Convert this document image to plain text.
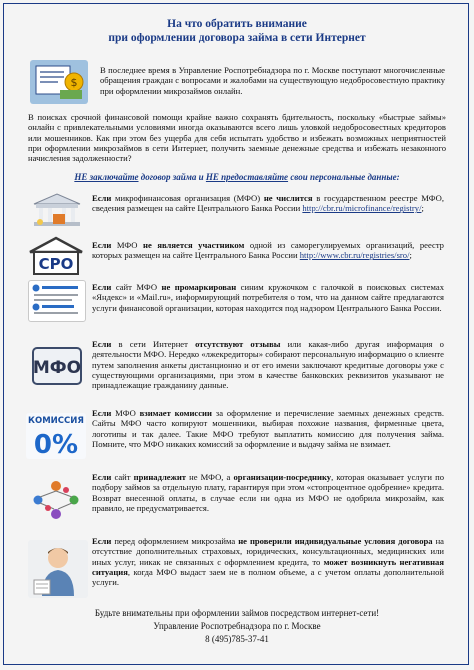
На что обратить внимание
при оформлении договора займа в сети Интернет
$
В последнее время в Управление Роспотребнадзора по г. Москве поступают многочисленные обращения граждан с вопросами и жалобами на существующую недобросовестную практику при оформлении микрозаймов онлайн.
В поисках срочной финансовой помощи крайне важно сохранять бдительность, поскольку «быстрые займы» онлайн с привлекательными условиями иногда оказываются всего лишь уловкой недобросовестных кредиторов или мошенников. Как при этом без ущерба для себя испытать удобство и избежать возможных неприятностей при оформлении микрозаймов в сети Интернет, получить заемные денежные средства и избежать незаконного начисления задолженности?
НЕ заключайте договор займа и НЕ предоставляйте свои персональные данные:
Если микрофинансовая организация (МФО) не числится в государственном реестре МФО, сведения размещен на сайте Центрального Банка России http://cbr.ru/microfinance/registry/;
СРО
Если МФО не является участником одной из саморегулируемых организаций, реестр которых размещен на сайте Центрального Банка России http://www.cbr.ru/registries/sro/;
Если сайт МФО не промаркирован синим кружочком с галочкой в поисковых системах «Яндекс» и «Mail.ru», информирующий потребителя о том, что на данном сайте предлагаются услуги финансовой организации, которая находится под надзором Центрального Банка России.
МФО
Если в сети Интернет отсутствуют отзывы или какая-либо другая информация о деятельности МФО. Нередко «лжекредиторы» собирают персональную информацию о клиенте путем заполнения анкеты дистанционно и от его имени заключают кредитные договоры уже с существующими организациями, при этом в качестве банковских реквизитов указывают не принадлежащие гражданину данные.
КОМИССИЯ
0%
Если МФО взимает комиссии за оформление и перечисление заемных денежных средств. Сайты МФО часто копируют мошенники, выбирая похожие названия, фирменные цвета, логотипы и так далее. Такие МФО требуют выплатить комиссию для получения займа. Помните, что МФО никаких комиссий за оформление и выдачу займа не взимает.
Если сайт принадлежит не МФО, а организации-посреднику, которая оказывает услуги по подбору займов за отдельную плату, гарантируя при этом «стопроцентное одобрение» кредита. Возврат внесенной оплаты, в случае если ни одна из МФО не одобрила микрозайм, как правило, не предусматривается.
Если перед оформлением микрозайма не проверили индивидуальные условия договора на отсутствие дополнительных страховых, юридических, консультационных, медицинских или иных услуг, никак не связанных с оформлением кредита, то может возникнуть негативная ситуация, когда МФО выдаст заем не в полном объеме, а с учетом оплаты дополнительной услуги.
Будьте внимательны при оформлении займов посредством интернет-сети!
Управление Роспотребнадзора по г. Москве
8 (495)785-37-41
